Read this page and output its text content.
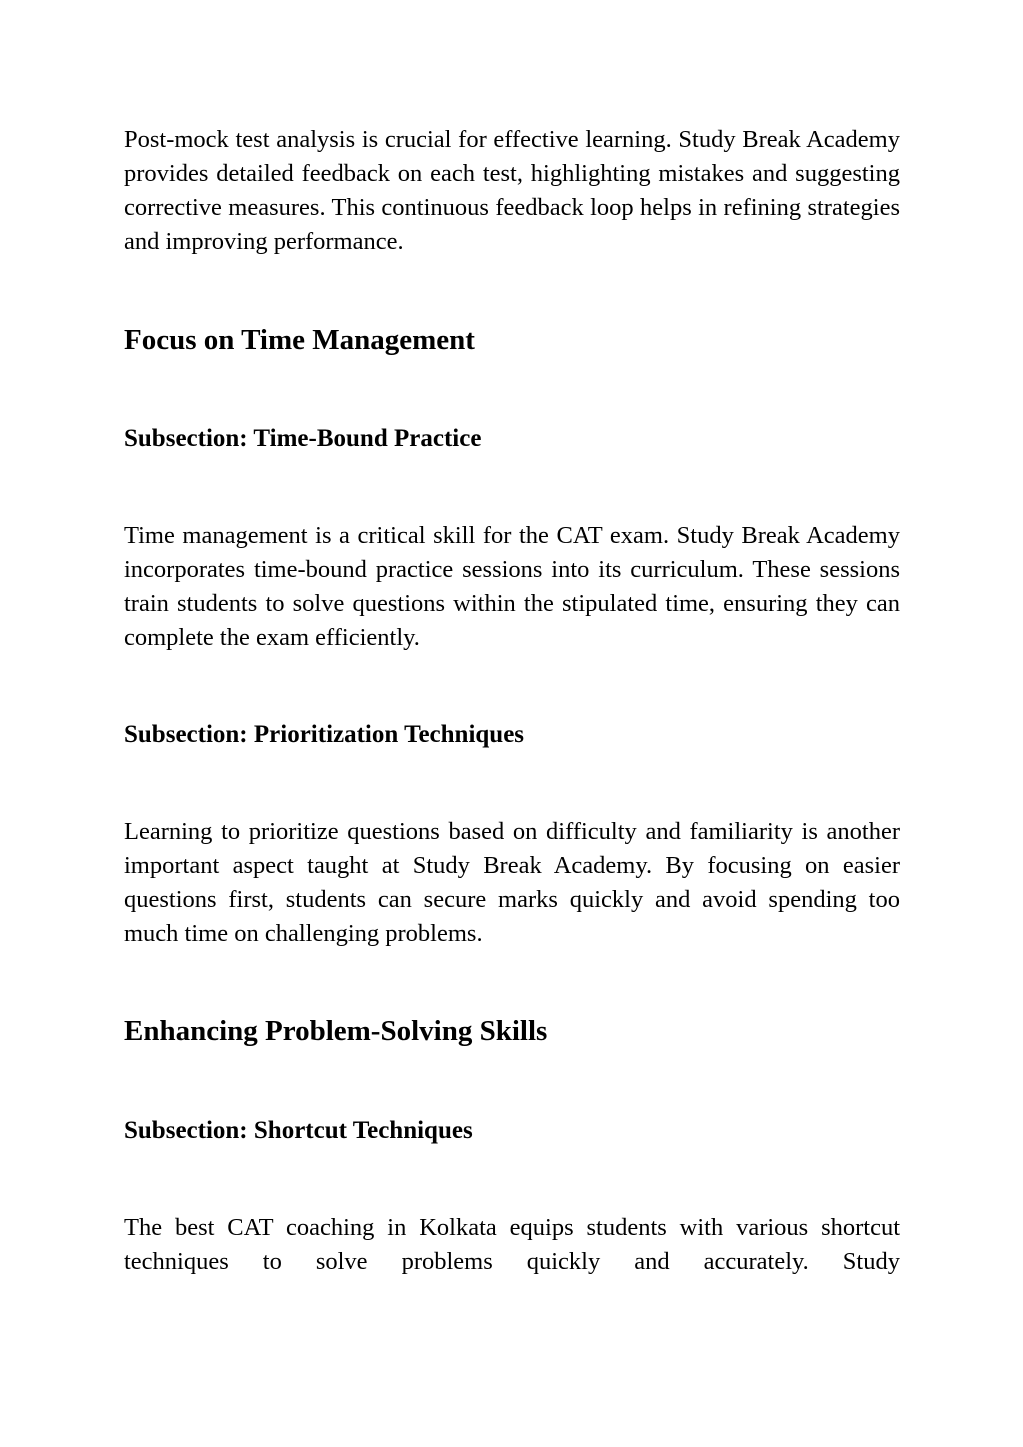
Post-mock test analysis is crucial for effective learning. Study Break Academy provides detailed feedback on each test, highlighting mistakes and suggesting corrective measures. This continuous feedback loop helps in refining strategies and improving performance.

Focus on Time Management
Subsection: Time-Bound Practice

Time management is a critical skill for the CAT exam. Study Break Academy incorporates time-bound practice sessions into its curriculum. These sessions train students to solve questions within the stipulated time, ensuring they can complete the exam efficiently.

Subsection: Prioritization Techniques

Learning to prioritize questions based on difficulty and familiarity is another important aspect taught at Study Break Academy. By focusing on easier questions first, students can secure marks quickly and avoid spending too much time on challenging problems.

Enhancing Problem-Solving Skills
Subsection: Shortcut Techniques

The best CAT coaching in Kolkata equips students with various shortcut techniques to solve problems quickly and accurately. Study
